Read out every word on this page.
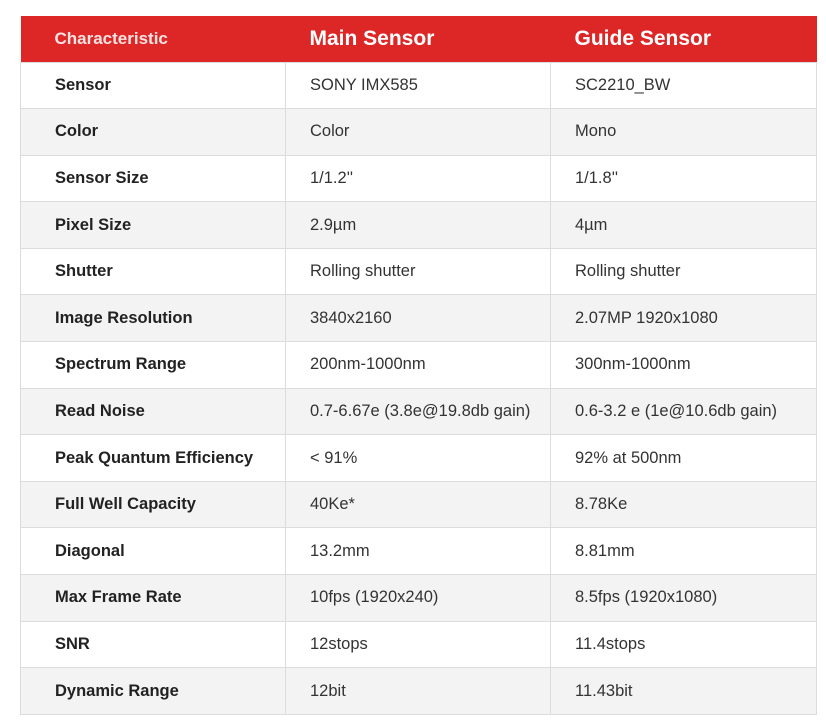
Characteristic	Main Sensor	Guide Sensor
Sensor	SONY IMX585	SC2210_BW
Color	Color	Mono
Sensor Size	1/1.2''	1/1.8''
Pixel Size	2.9µm	4µm
Shutter	Rolling shutter	Rolling shutter
Image Resolution	3840x2160	2.07MP 1920x1080
Spectrum Range	200nm-1000nm	300nm-1000nm
Read Noise	0.7-6.67e (3.8e@19.8db gain)	0.6-3.2 e (1e@10.6db gain)
Peak Quantum Efficiency	< 91%	92% at 500nm
Full Well Capacity	40Ke*	8.78Ke
Diagonal	13.2mm	8.81mm
Max Frame Rate	10fps (1920x240)	8.5fps (1920x1080)
SNR	12stops	11.4stops
Dynamic Range	12bit	11.43bit
